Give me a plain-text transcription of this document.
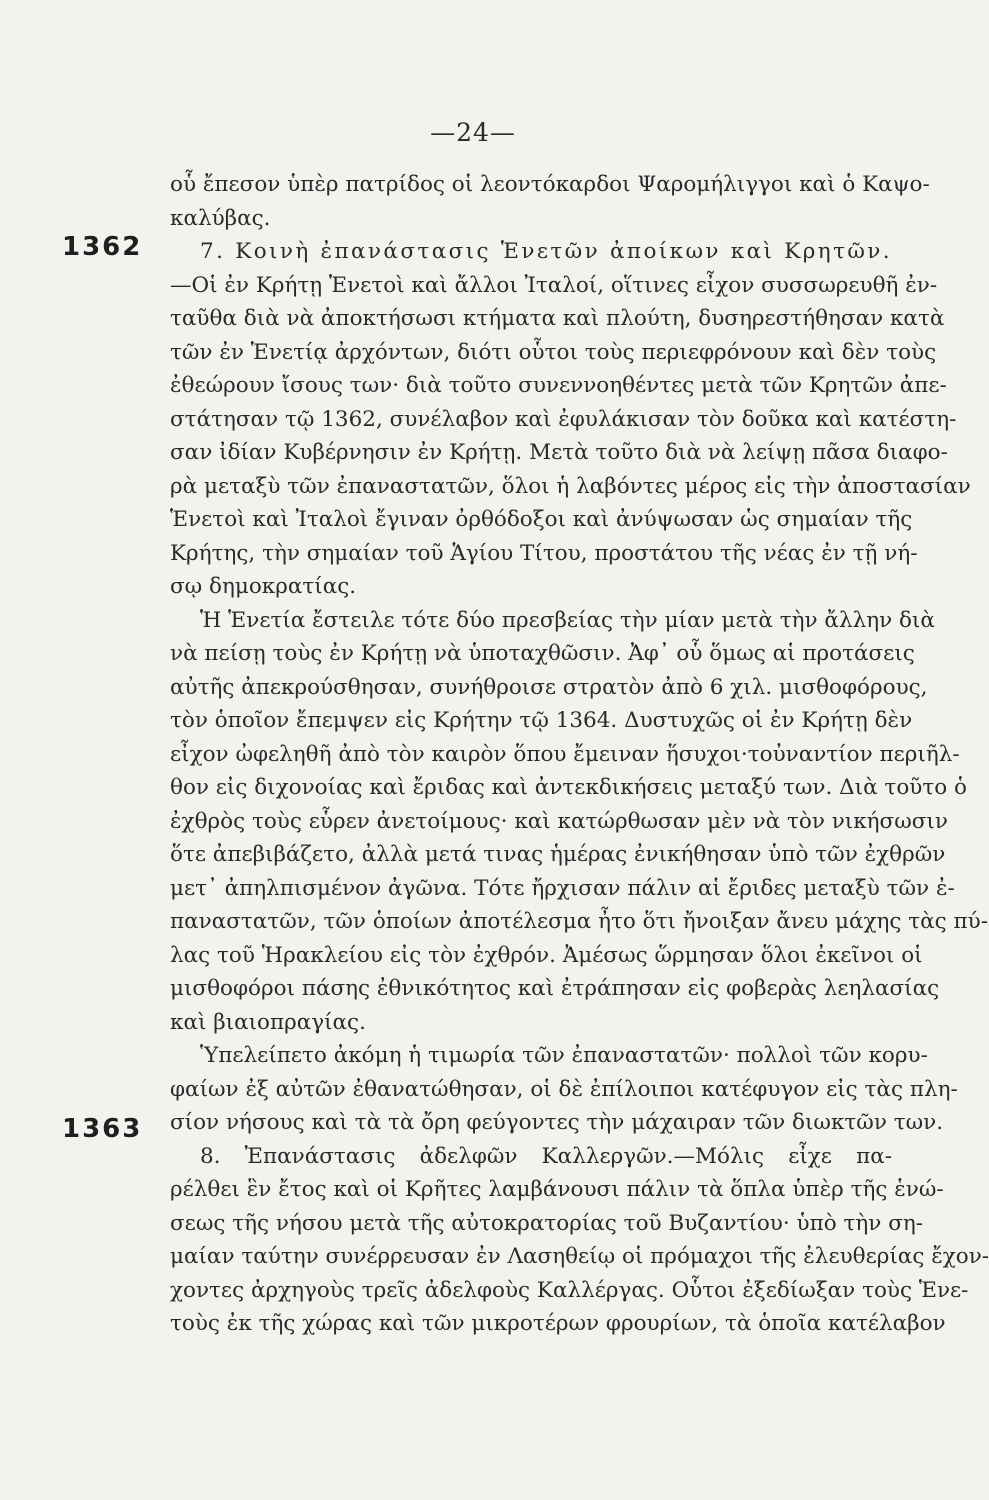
—24—
1362
1363
οὗ ἔπεσον ὑπὲρ πατρίδος οἱ λεοντόκαρδοι Ψαρομήλιγγοι καὶ ὁ Καψο-
καλύβας.
7. Κοινὴ ἐπανάστασις Ἑνετῶν ἀποίκων καὶ Κρητῶν.
—Οἱ ἐν Κρήτῃ Ἑνετοὶ καὶ ἄλλοι Ἰταλοί, οἵτινες εἶχον συσσωρευθῆ ἐν-
ταῦθα διὰ νὰ ἀποκτήσωσι κτήματα καὶ πλούτη, δυσηρεστήθησαν κατὰ
τῶν ἐν Ἑνετίᾳ ἀρχόντων, διότι οὗτοι τοὺς περιεφρόνουν καὶ δὲν τοὺς
ἐθεώρουν ἴσους των· διὰ τοῦτο συνεννοηθέντες μετὰ τῶν Κρητῶν ἀπε-
στάτησαν τῷ 1362, συνέλαβον καὶ ἐφυλάκισαν τὸν δοῦκα καὶ κατέστη-
σαν ἰδίαν Κυβέρνησιν ἐν Κρήτῃ. Μετὰ τοῦτο διὰ νὰ λείψῃ πᾶσα διαφο-
ρὰ μεταξὺ τῶν ἐπαναστατῶν, ὅλοι ἡ λαβόντες μέρος εἰς τὴν ἀποστασίαν
Ἑνετοὶ καὶ Ἰταλοὶ ἔγιναν ὀρθόδοξοι καὶ ἀνύψωσαν ὡς σημαίαν τῆς
Κρήτης, τὴν σημαίαν τοῦ Ἁγίου Τίτου, προστάτου τῆς νέας ἐν τῇ νή-
σῳ δημοκρατίας.
Ἡ Ἑνετία ἔστειλε τότε δύο πρεσβείας τὴν μίαν μετὰ τὴν ἄλλην διὰ
νὰ πείσῃ τοὺς ἐν Κρήτῃ νὰ ὑποταχθῶσιν. Ἀφ᾽ οὗ ὅμως αἱ προτάσεις
αὐτῆς ἀπεκρούσθησαν, συνήθροισε στρατὸν ἀπὸ 6 χιλ. μισθοφόρους,
τὸν ὁποῖον ἔπεμψεν εἰς Κρήτην τῷ 1364. Δυστυχῶς οἱ ἐν Κρήτῃ δὲν
εἶχον ὠφεληθῆ ἀπὸ τὸν καιρὸν ὅπου ἔμειναν ἥσυχοι·τοὐναντίον περιῆλ-
θον εἰς διχονοίας καὶ ἔριδας καὶ ἀντεκδικήσεις μεταξύ των. Διὰ τοῦτο ὁ
ἐχθρὸς τοὺς εὗρεν ἀνετοίμους· καὶ κατώρθωσαν μὲν νὰ τὸν νικήσωσιν
ὅτε ἀπεβιβάζετο, ἀλλὰ μετά τινας ἡμέρας ἐνικήθησαν ὑπὸ τῶν ἐχθρῶν
μετ᾽ ἀπηλπισμένον ἀγῶνα. Τότε ἤρχισαν πάλιν αἱ ἔριδες μεταξὺ τῶν ἐ-
παναστατῶν, τῶν ὁποίων ἀποτέλεσμα ἦτο ὅτι ἤνοιξαν ἄνευ μάχης τὰς πύ-
λας τοῦ Ἡρακλείου εἰς τὸν ἐχθρόν. Ἀμέσως ὥρμησαν ὅλοι ἐκεῖνοι οἱ
μισθοφόροι πάσης ἐθνικότητος καὶ ἐτράπησαν εἰς φοβερὰς λεηλασίας
καὶ βιαιοπραγίας.
Ὑπελείπετο ἀκόμη ἡ τιμωρία τῶν ἐπαναστατῶν· πολλοὶ τῶν κορυ-
φαίων ἐξ αὐτῶν ἐθανατώθησαν, οἱ δὲ ἐπίλοιποι κατέφυγον εἰς τὰς πλη-
σίον νήσους καὶ τὰ τὰ ὄρη φεύγοντες τὴν μάχαιραν τῶν διωκτῶν των.
8. Ἐπανάστασις ἀδελφῶν Καλλεργῶν.—Μόλις εἶχε πα-
ρέλθει ἓν ἔτος καὶ οἱ Κρῆτες λαμβάνουσι πάλιν τὰ ὅπλα ὑπὲρ τῆς ἑνώ-
σεως τῆς νήσου μετὰ τῆς αὐτοκρατορίας τοῦ Βυζαντίου· ὑπὸ τὴν ση-
μαίαν ταύτην συνέρρευσαν ἐν Λασηθείῳ οἱ πρόμαχοι τῆς ἐλευθερίας ἔχον-
χοντες ἀρχηγοὺς τρεῖς ἀδελφοὺς Καλλέργας. Οὗτοι ἐξεδίωξαν τοὺς Ἑνε-
τοὺς ἐκ τῆς χώρας καὶ τῶν μικροτέρων φρουρίων, τὰ ὁποῖα κατέλαβον
